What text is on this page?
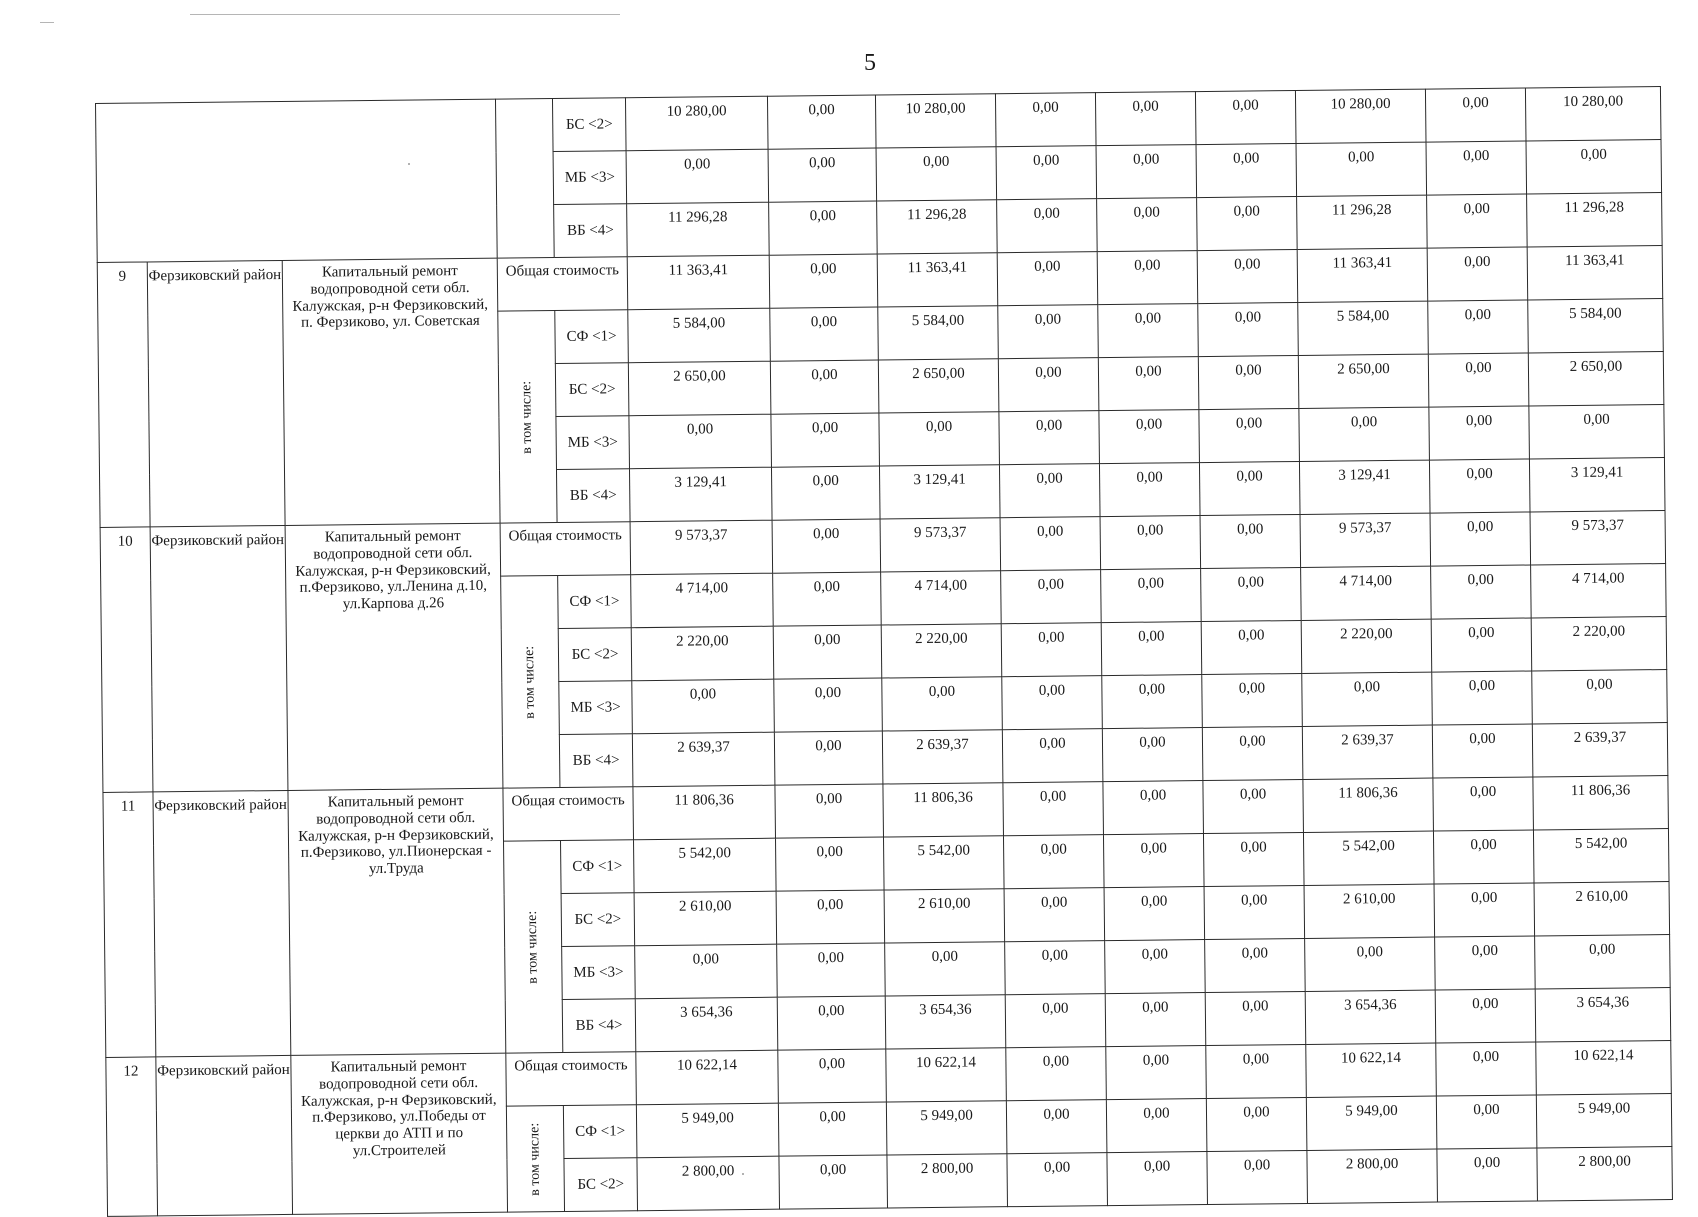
5
				БС <2>	10 280,00	0,00	10 280,00	0,00	0,00	0,00	10 280,00	0,00	10 280,00
				МБ <3>	0,00	0,00	0,00	0,00	0,00	0,00	0,00	0,00	0,00
				ВБ <4>	11 296,28	0,00	11 296,28	0,00	0,00	0,00	11 296,28	0,00	11 296,28
9	Ферзиковский район	Капитальный ремонт водопроводной сети обл. Калужская, р-н Ферзиковский, п. Ферзиково, ул. Советская	Общая стоимость		11 363,41	0,00	11 363,41	0,00	0,00	0,00	11 363,41	0,00	11 363,41

			в том числе:	СФ <1>	5 584,00	0,00	5 584,00	0,00	0,00	0,00	5 584,00	0,00	5 584,00
				БС <2>	2 650,00	0,00	2 650,00	0,00	0,00	0,00	2 650,00	0,00	2 650,00
				МБ <3>	0,00	0,00	0,00	0,00	0,00	0,00	0,00	0,00	0,00
				ВБ <4>	3 129,41	0,00	3 129,41	0,00	0,00	0,00	3 129,41	0,00	3 129,41
10	Ферзиковский район	Капитальный ремонт водопроводной сети обл. Калужская, р-н Ферзиковский, п.Ферзиково, ул.Ленина д.10, ул.Карпова д.26	Общая стоимость		9 573,37	0,00	9 573,37	0,00	0,00	0,00	9 573,37	0,00	9 573,37

			в том числе:	СФ <1>	4 714,00	0,00	4 714,00	0,00	0,00	0,00	4 714,00	0,00	4 714,00
				БС <2>	2 220,00	0,00	2 220,00	0,00	0,00	0,00	2 220,00	0,00	2 220,00
				МБ <3>	0,00	0,00	0,00	0,00	0,00	0,00	0,00	0,00	0,00
				ВБ <4>	2 639,37	0,00	2 639,37	0,00	0,00	0,00	2 639,37	0,00	2 639,37
11	Ферзиковский район	Капитальный ремонт водопроводной сети обл. Калужская, р-н Ферзиковский, п.Ферзиково, ул.Пионерская - ул.Труда	Общая стоимость		11 806,36	0,00	11 806,36	0,00	0,00	0,00	11 806,36	0,00	11 806,36

			в том числе:	СФ <1>	5 542,00	0,00	5 542,00	0,00	0,00	0,00	5 542,00	0,00	5 542,00
				БС <2>	2 610,00	0,00	2 610,00	0,00	0,00	0,00	2 610,00	0,00	2 610,00
				МБ <3>	0,00	0,00	0,00	0,00	0,00	0,00	0,00	0,00	0,00
				ВБ <4>	3 654,36	0,00	3 654,36	0,00	0,00	0,00	3 654,36	0,00	3 654,36
12	Ферзиковский район	Капитальный ремонт водопроводной сети обл. Калужская, р-н Ферзиковский, п.Ферзиково, ул.Победы от церкви до АТП и по ул.Строителей	Общая стоимость		10 622,14	0,00	10 622,14	0,00	0,00	0,00	10 622,14	0,00	10 622,14

			в том числе:	СФ <1>	5 949,00	0,00	5 949,00	0,00	0,00	0,00	5 949,00	0,00	5 949,00
				БС <2>	2 800,00	0,00	2 800,00	0,00	0,00	0,00	2 800,00	0,00	2 800,00
